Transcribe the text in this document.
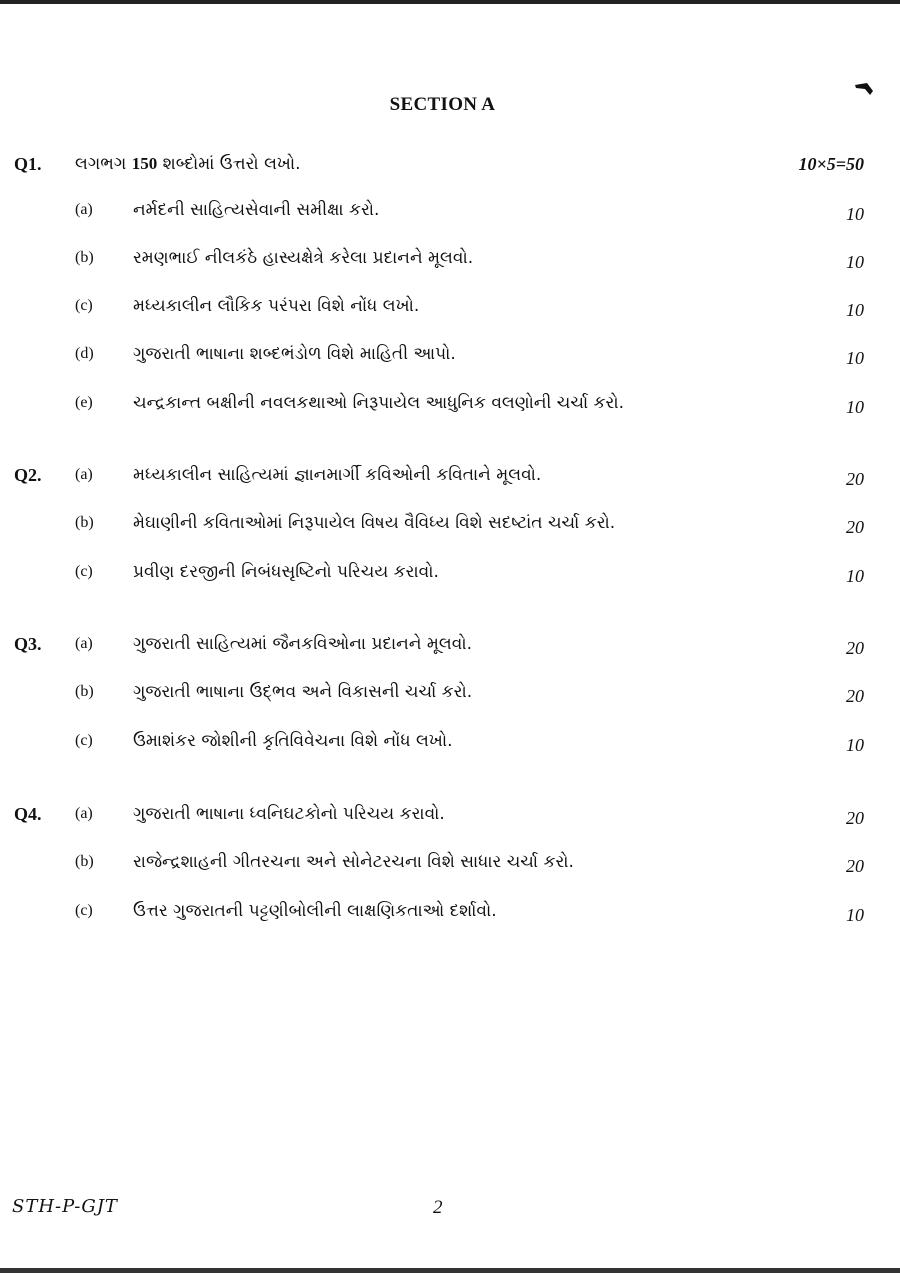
SECTION A
Q1. લગભગ 150 શબ્દોમાં ઉત્તરો લખો.	10×5=50
(a) નર્મદની સાહિત્યસેવાની સમીક્ષા કરો.	10
(b) રમણભાઈ નીલકંઠે હાસ્યક્ષેત્રે કરેલા પ્રદાનને મૂલવો.	10
(c) મધ્યકાલીન લૌકિક પરંપરા વિશે નોંધ લખો.	10
(d) ગુજરાતી ભાષાના શબ્દભંડોળ વિશે માહિતી આપો.	10
(e) ચન્દ્રકાન્ત બક્ષીની નવલકથાઓ નિરૂપાયેલ આધુનિક વલણોની ચર્ચા કરો.	10
Q2. (a) મધ્યકાલીન સાહિત્યમાં જ્ઞાનમાર્ગી કવિઓની કવિતાને મૂલવો.	20
(b) મેઘાણીની કવિતાઓમાં નિરૂપાયેલ વિષય વૈવિધ્ય વિશે સદષ્ટાંત ચર્ચા કરો.	20
(c) પ્રવીણ દરજીની નિબંધસૃષ્ટિનો પરિચય કરાવો.	10
Q3. (a) ગુજરાતી સાહિત્યમાં જૈનકવિઓના પ્રદાનને મૂલવો.	20
(b) ગુજરાતી ભાષાના ઉદ્ભવ અને વિકાસની ચર્ચા કરો.	20
(c) ઉમાશંકર જોશીની કૃતિવિવેચના વિશે નોંધ લખો.	10
Q4. (a) ગુજરાતી ભાષાના ધ્વનિઘટકોનો પરિચય કરાવો.	20
(b) રાજેન્દ્રશાહની ગીતરચના અને સોનેટરચના વિશે સાધાર ચર્ચા કરો.	20
(c) ઉત્તર ગુજરાતની પટ્ટણીબોલીની લાક્ષણિકતાઓ દર્શાવો.	10
STH-P-GJT	2
